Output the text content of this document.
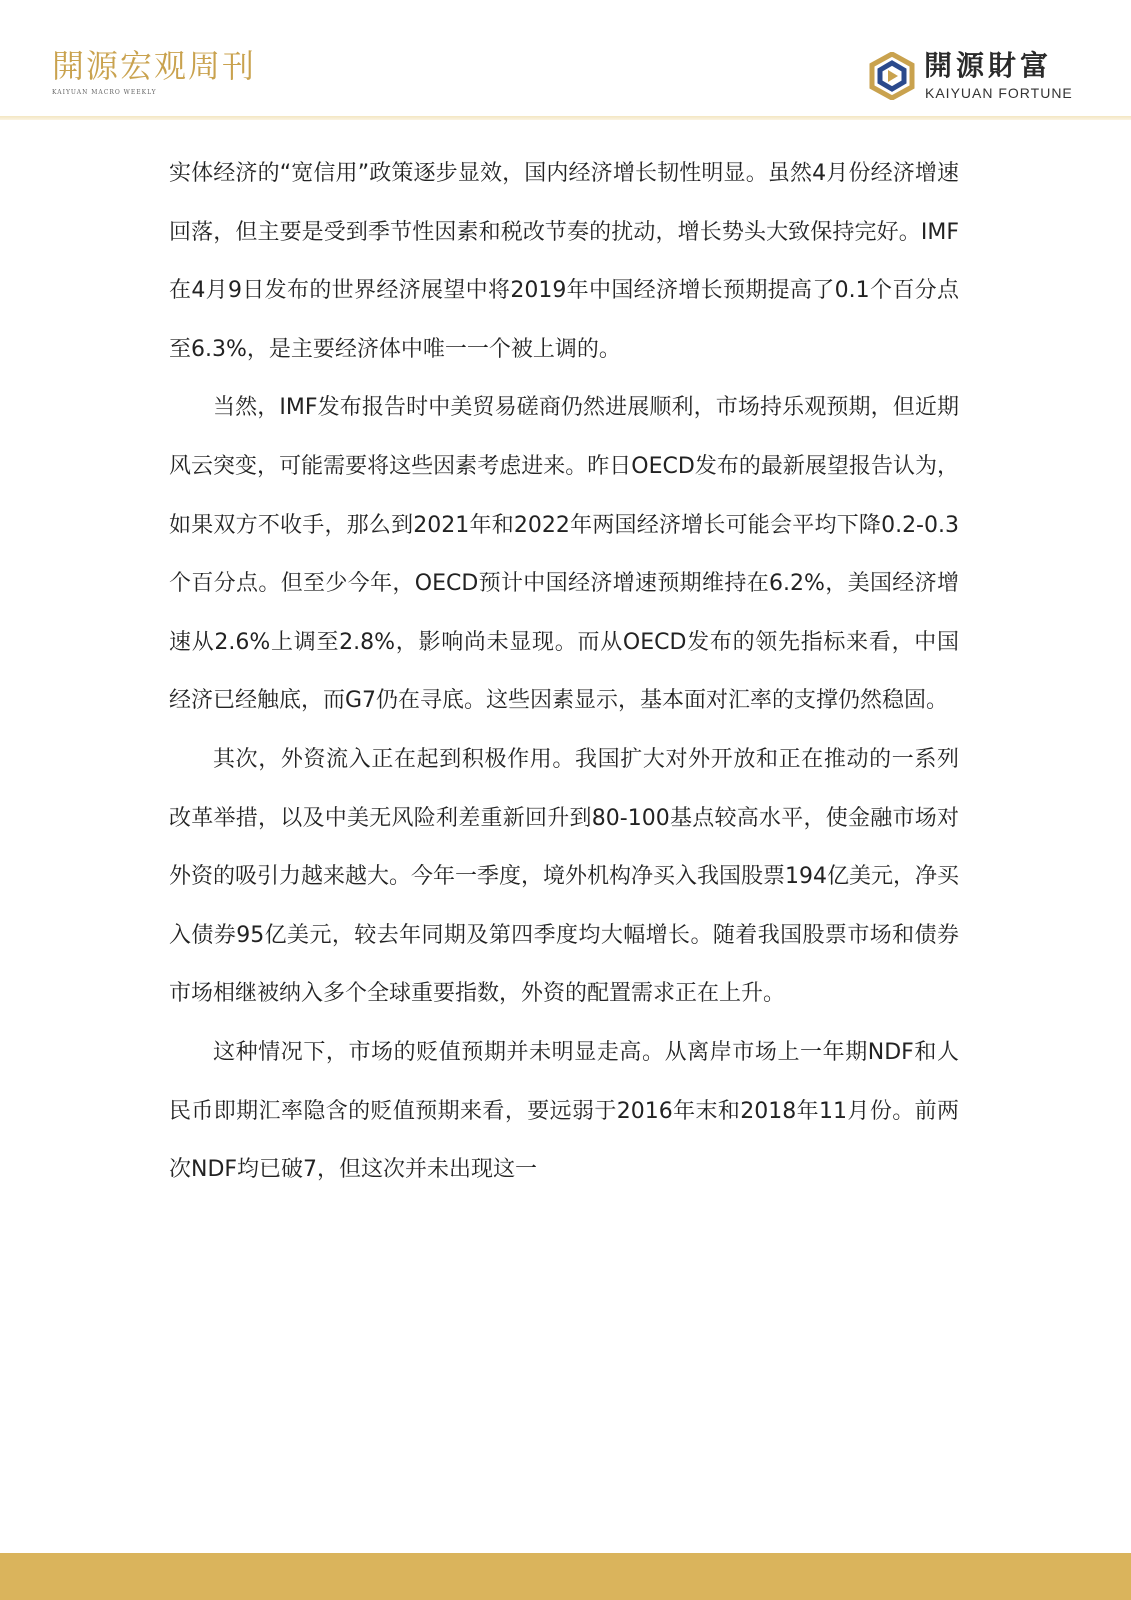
開源宏观周刊
KAIYUAN MACRO WEEKLY
開源財富
KAIYUAN FORTUNE

实体经济的“宽信用”政策逐步显效，国内经济增长韧性明显。虽然4月份经济增速回落，但主要是受到季节性因素和税改节奏的扰动，增长势头大致保持完好。IMF在4月9日发布的世界经济展望中将2019年中国经济增长预期提高了0.1个百分点至6.3%，是主要经济体中唯一一个被上调的。

当然，IMF发布报告时中美贸易磋商仍然进展顺利，市场持乐观预期，但近期风云突变，可能需要将这些因素考虑进来。昨日OECD发布的最新展望报告认为，如果双方不收手，那么到2021年和2022年两国经济增长可能会平均下降0.2-0.3个百分点。但至少今年，OECD预计中国经济增速预期维持在6.2%，美国经济增速从2.6%上调至2.8%，影响尚未显现。而从OECD发布的领先指标来看，中国经济已经触底，而G7仍在寻底。这些因素显示，基本面对汇率的支撑仍然稳固。

其次，外资流入正在起到积极作用。我国扩大对外开放和正在推动的一系列改革举措，以及中美无风险利差重新回升到80-100基点较高水平，使金融市场对外资的吸引力越来越大。今年一季度，境外机构净买入我国股票194亿美元，净买入债券95亿美元，较去年同期及第四季度均大幅增长。随着我国股票市场和债券市场相继被纳入多个全球重要指数，外资的配置需求正在上升。

这种情况下，市场的贬值预期并未明显走高。从离岸市场上一年期NDF和人民币即期汇率隐含的贬值预期来看，要远弱于2016年末和2018年11月份。前两次NDF均已破7，但这次并未出现这一
